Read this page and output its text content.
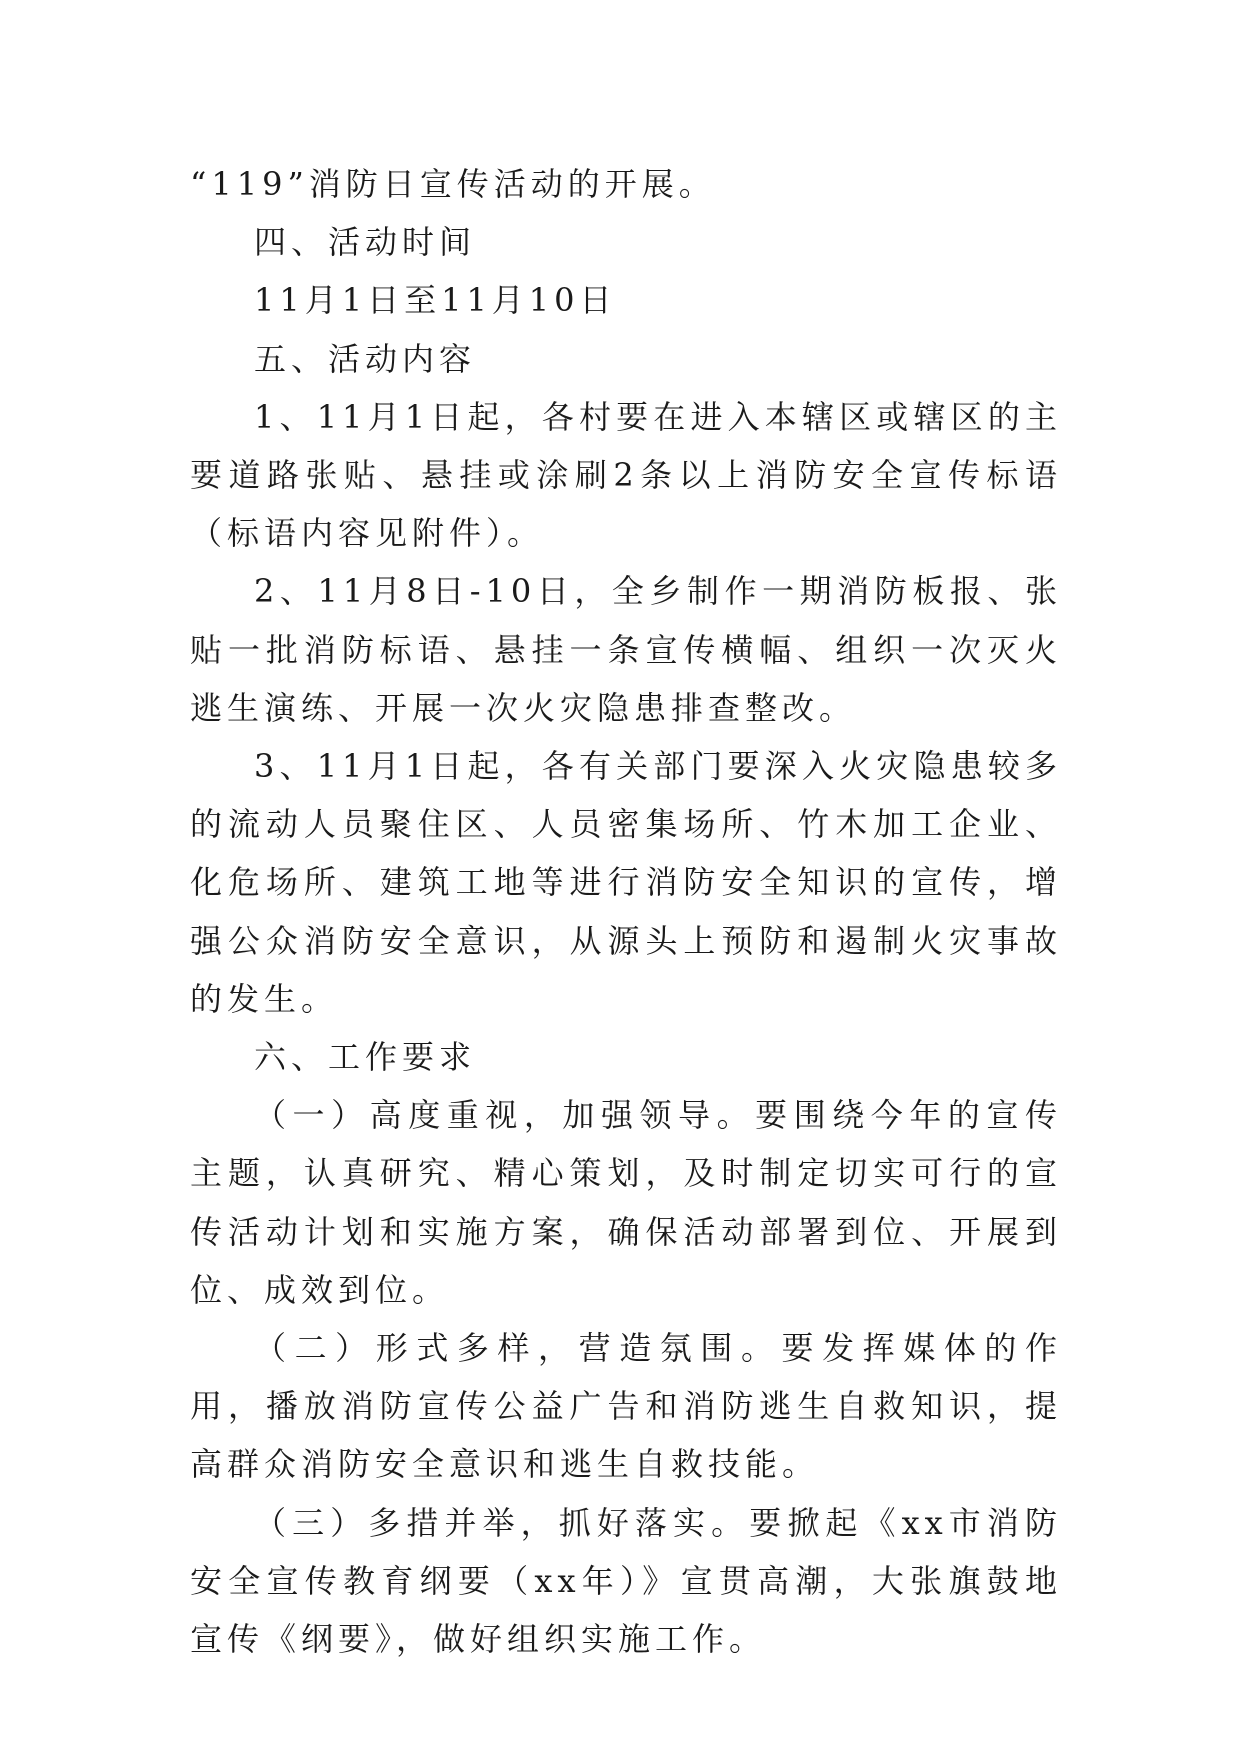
“119”消防日宣传活动的开展。

四、活动时间

11月1日至11月10日

五、活动内容

1、11月1日起，各村要在进入本辖区或辖区的主要道路张贴、悬挂或涂刷2条以上消防安全宣传标语（标语内容见附件）。

2、11月8日-10日，全乡制作一期消防板报、张贴一批消防标语、悬挂一条宣传横幅、组织一次灭火逃生演练、开展一次火灾隐患排查整改。

3、11月1日起，各有关部门要深入火灾隐患较多的流动人员聚住区、人员密集场所、竹木加工企业、化危场所、建筑工地等进行消防安全知识的宣传，增强公众消防安全意识，从源头上预防和遏制火灾事故的发生。

六、工作要求

（一）高度重视，加强领导。要围绕今年的宣传主题，认真研究、精心策划，及时制定切实可行的宣传活动计划和实施方案，确保活动部署到位、开展到位、成效到位。

（二）形式多样，营造氛围。要发挥媒体的作用，播放消防宣传公益广告和消防逃生自救知识，提高群众消防安全意识和逃生自救技能。

（三）多措并举，抓好落实。要掀起《xx市消防安全宣传教育纲要（xx年）》宣贯高潮，大张旗鼓地宣传《纲要》，做好组织实施工作。
